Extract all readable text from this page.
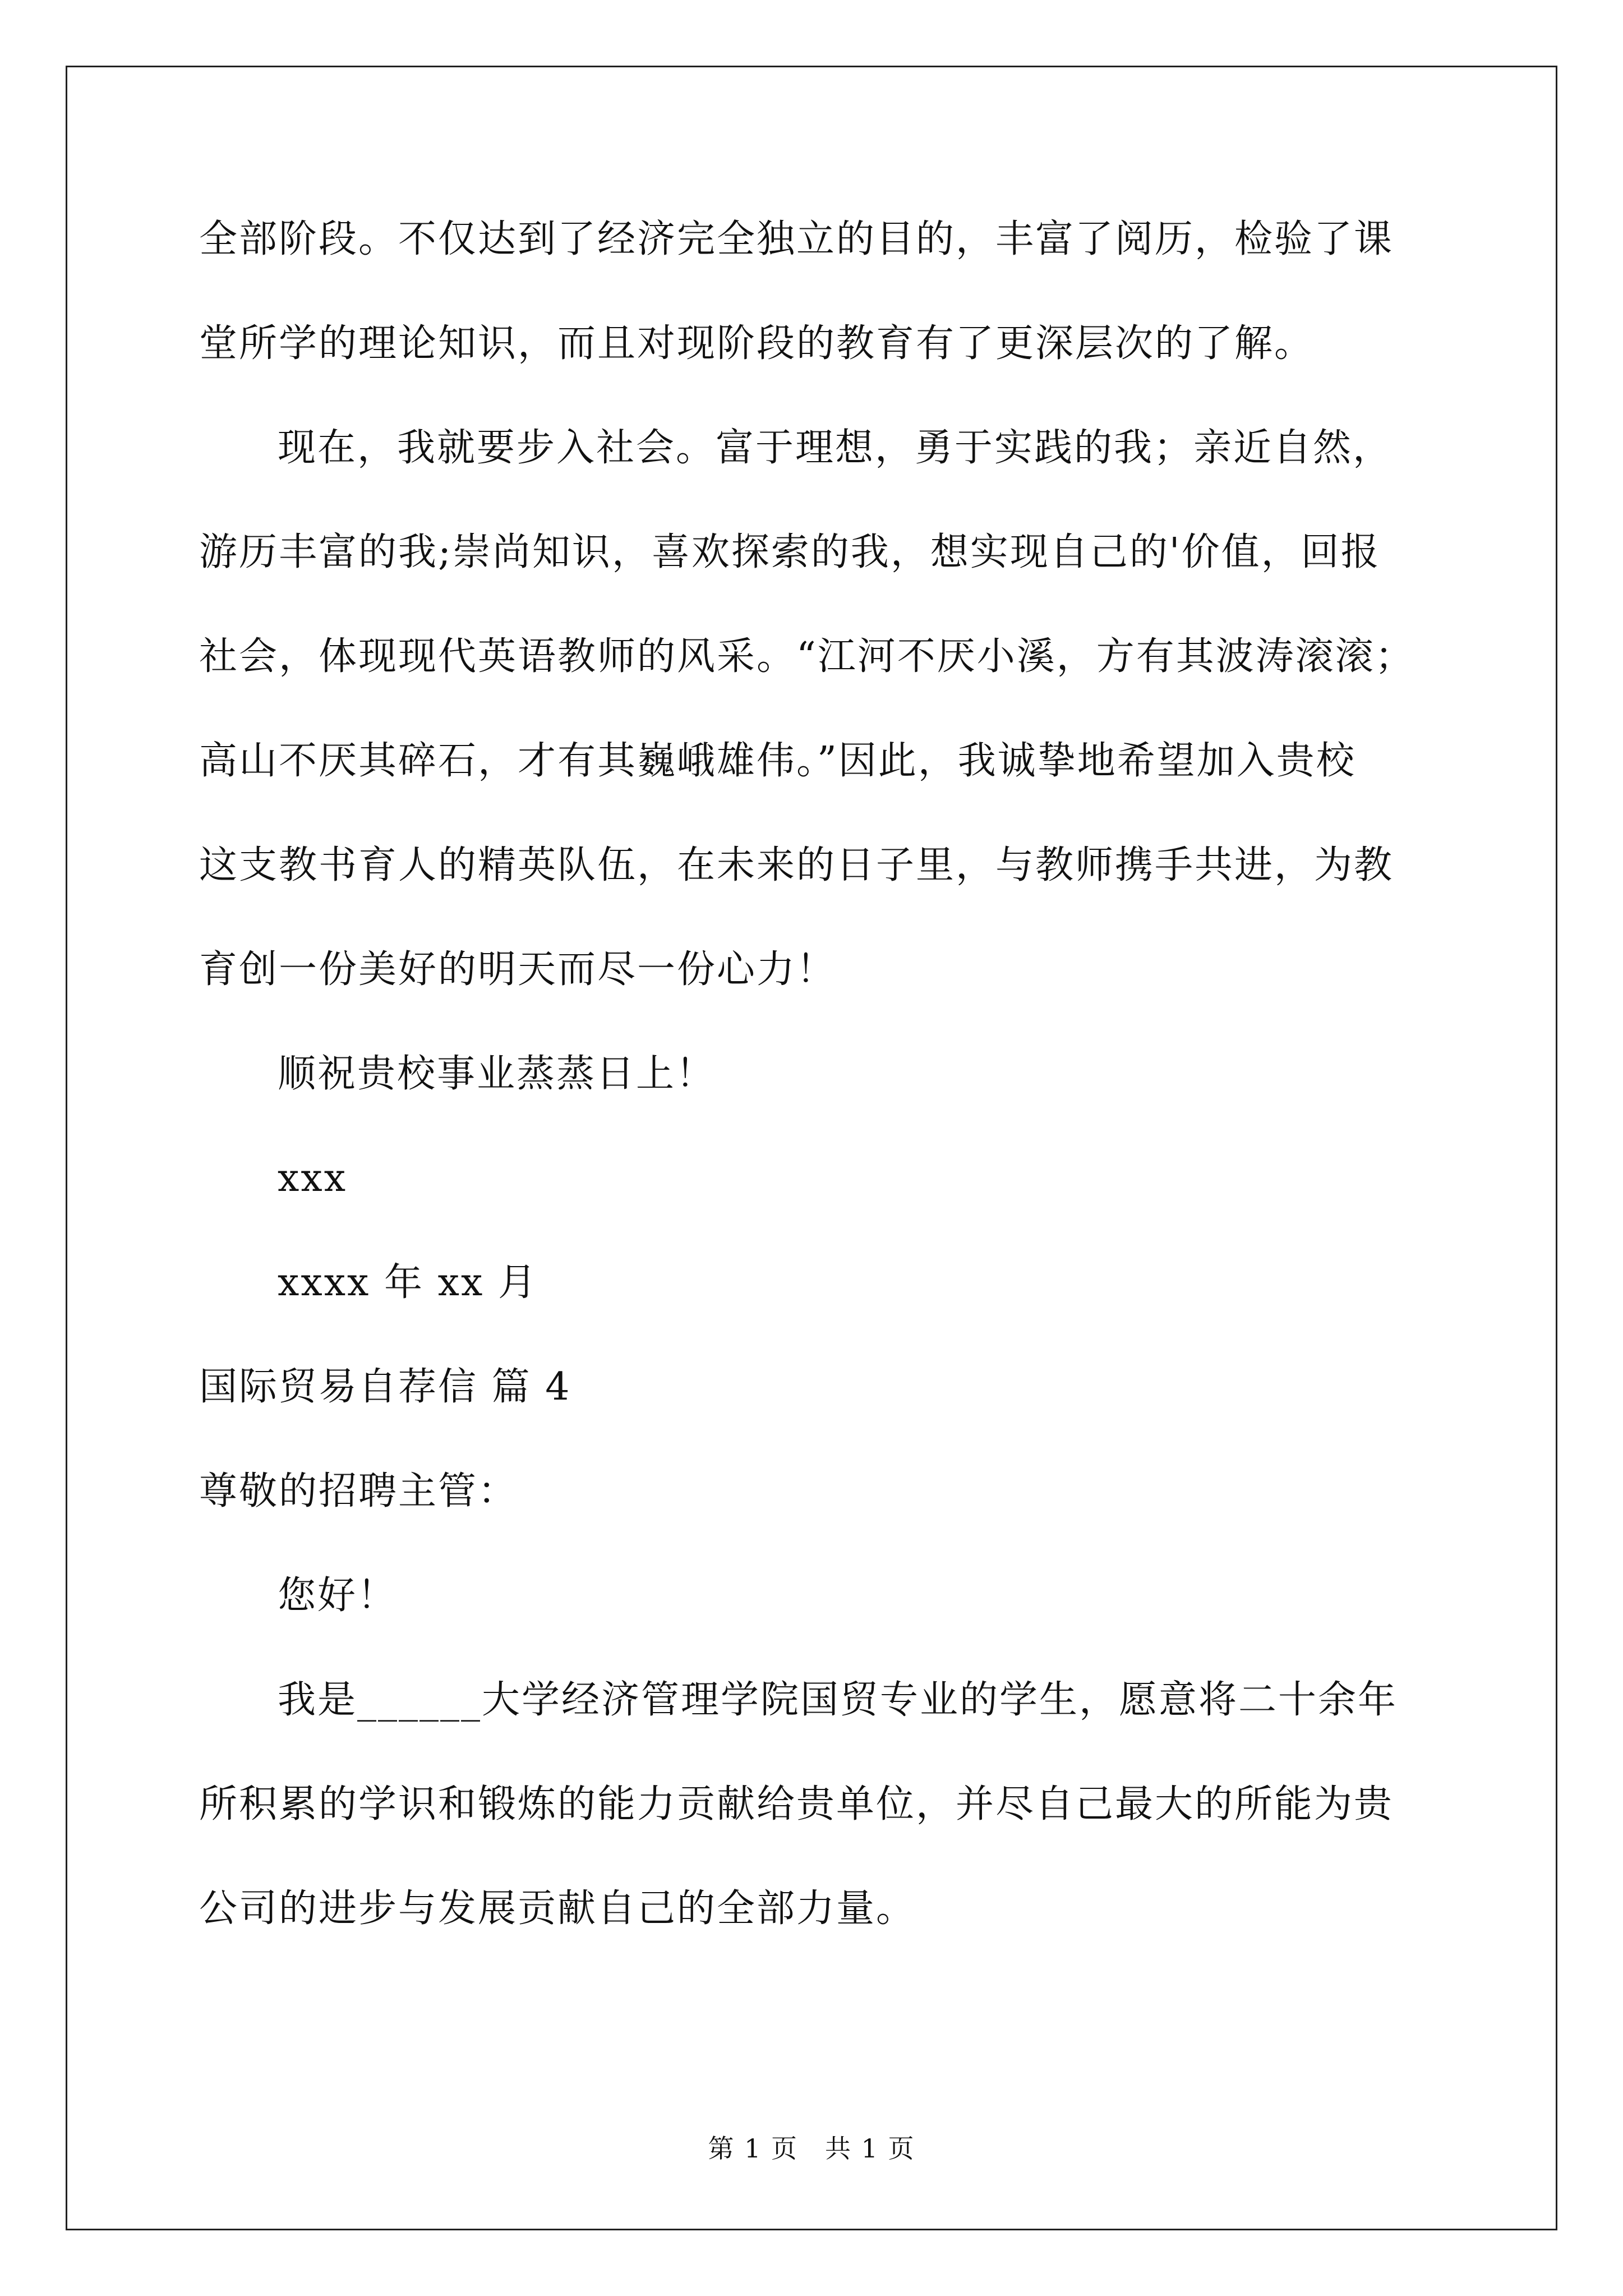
全部阶段。不仅达到了经济完全独立的目的，丰富了阅历，检验了课
堂所学的理论知识，而且对现阶段的教育有了更深层次的了解。
现在，我就要步入社会。富于理想，勇于实践的我；亲近自然，
游历丰富的我;崇尚知识，喜欢探索的我，想实现自己的'价值，回报
社会，体现现代英语教师的风采。“江河不厌小溪，方有其波涛滚滚；
高山不厌其碎石，才有其巍峨雄伟。”因此，我诚挚地希望加入贵校
这支教书育人的精英队伍，在未来的日子里，与教师携手共进，为教
育创一份美好的明天而尽一份心力！
顺祝贵校事业蒸蒸日上！
xxx
xxxx 年 xx 月
国际贸易自荐信 篇 4
尊敬的招聘主管：
您好！
我是______大学经济管理学院国贸专业的学生，愿意将二十余年
所积累的学识和锻炼的能力贡献给贵单位，并尽自己最大的所能为贵
公司的进步与发展贡献自己的全部力量。
第 1 页 共 1 页
